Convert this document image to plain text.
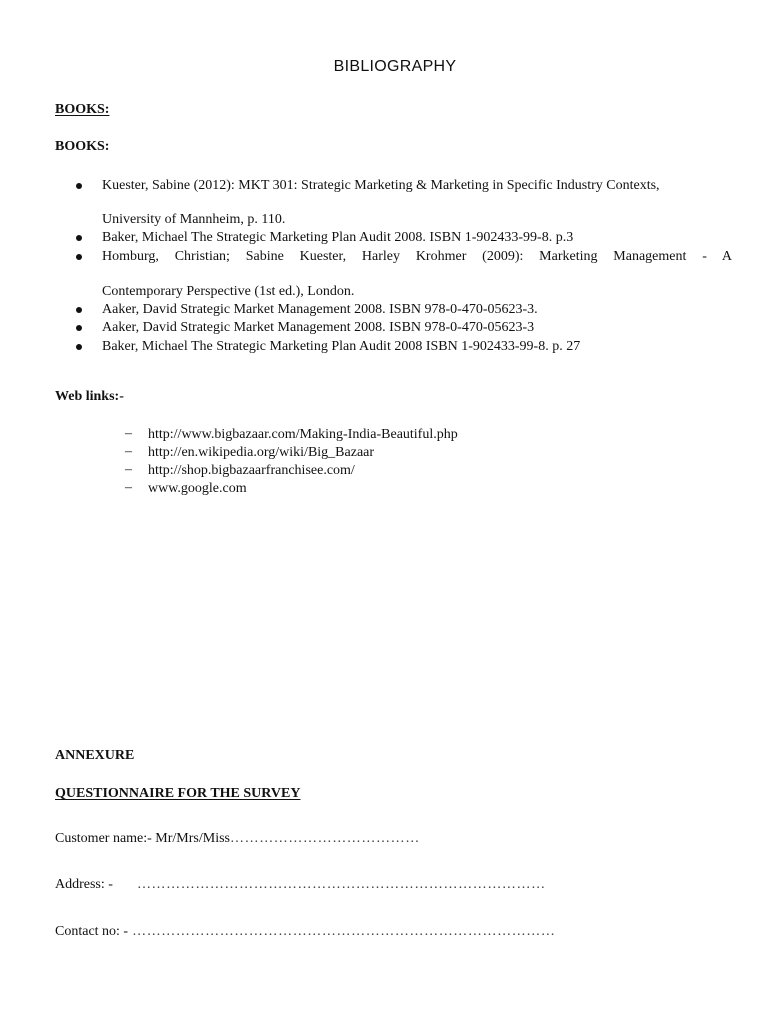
BIBLIOGRAPHY
BOOKS:
BOOKS:
Kuester, Sabine (2012): MKT 301: Strategic Marketing & Marketing in Specific Industry Contexts,
University of Mannheim, p. 110.
Baker, Michael The Strategic Marketing Plan Audit 2008. ISBN 1-902433-99-8. p.3
Homburg, Christian; Sabine Kuester, Harley Krohmer (2009): Marketing Management - A
Contemporary Perspective (1st ed.), London.
Aaker, David Strategic Market Management 2008. ISBN 978-0-470-05623-3.
Aaker, David Strategic Market Management 2008. ISBN 978-0-470-05623-3
Baker, Michael The Strategic Marketing Plan Audit 2008 ISBN 1-902433-99-8. p. 27
Web links:-
– http://www.bigbazaar.com/Making-India-Beautiful.php
– http://en.wikipedia.org/wiki/Big_Bazaar
– http://shop.bigbazaarfranchisee.com/
– www.google.com
ANNEXURE
QUESTIONNAIRE FOR THE SURVEY
Customer name:- Mr/Mrs/Miss…………………………………
Address: - …………………………………………………………………………
Contact no: - ……………………………………………………………………………
